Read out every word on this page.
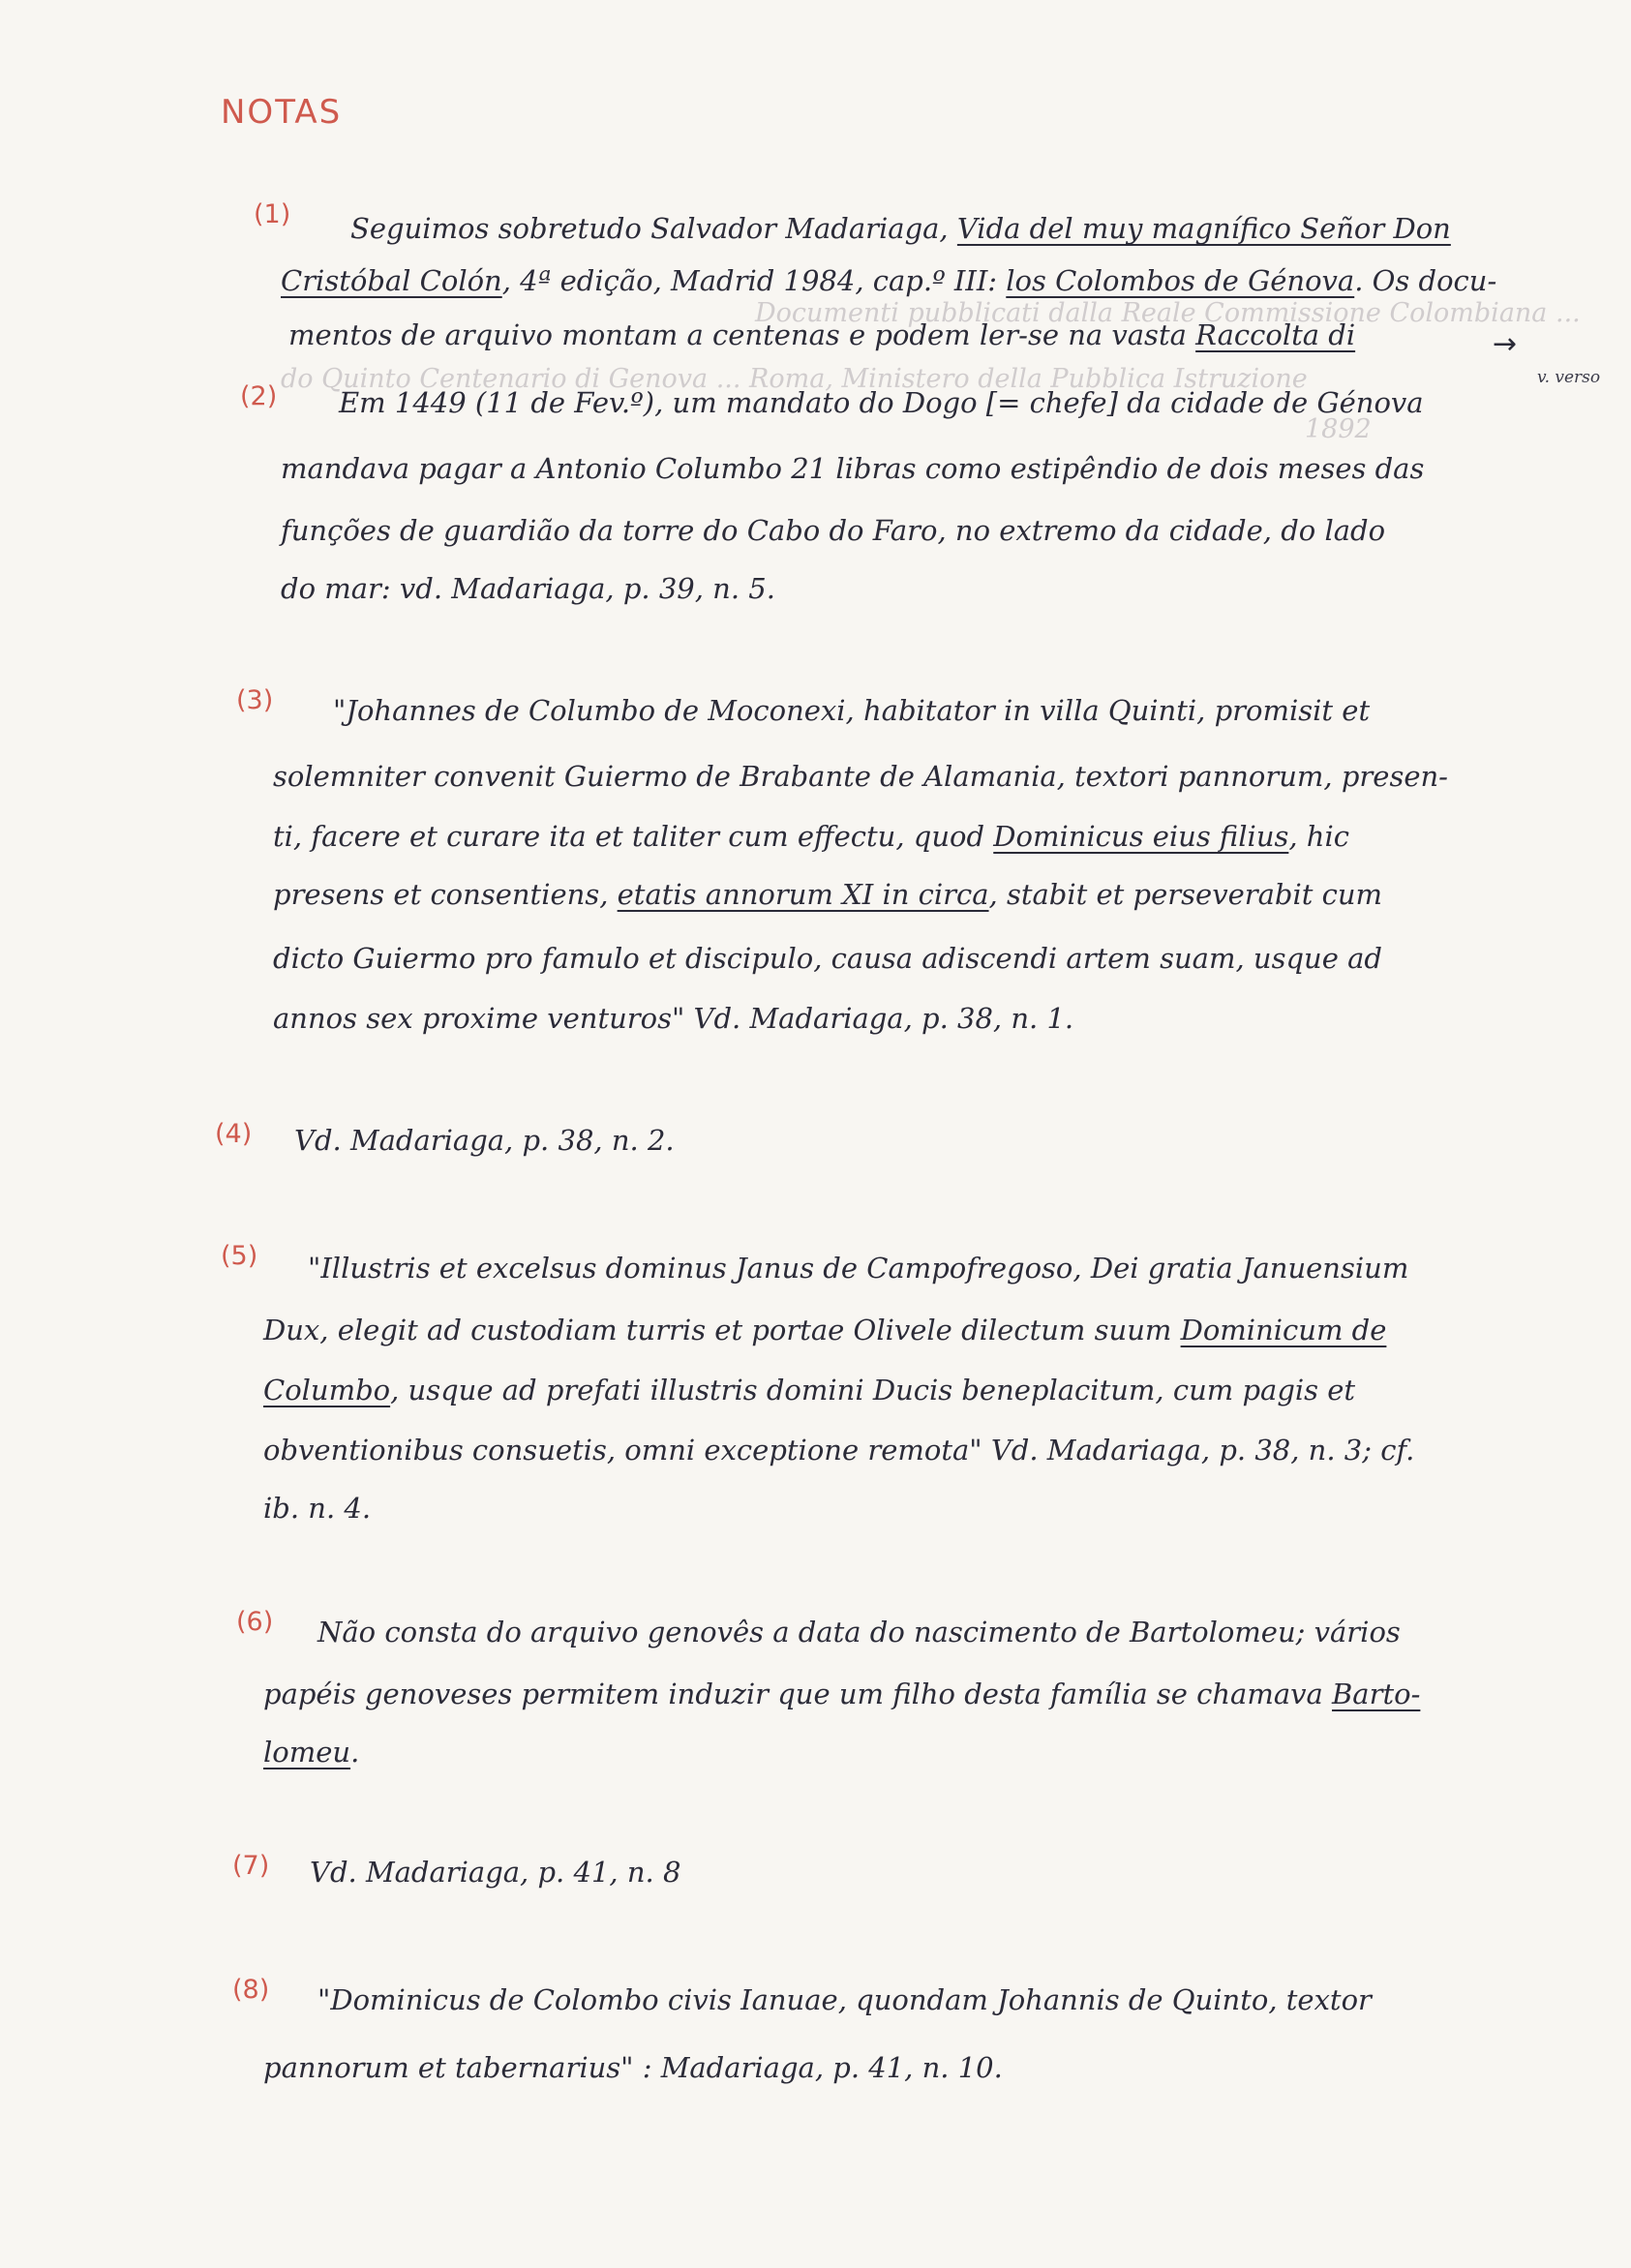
NOTAS
Documenti pubblicati dalla Reale Commissione Colombiana ...
do Quinto Centenario di Genova ... Roma, Ministero della Pubblica Istruzione
1892
(1) Seguimos sobretudo Salvador Madariaga, Vida del muy magnífico Señor Don
Cristóbal Colón, 4ª edição, Madrid 1984, cap.º III: los Colombos de Génova. Os docu-
mentos de arquivo montam a centenas e podem ler-se na vasta Raccolta di	→
v. verso
(2) Em 1449 (11 de Fev.º), um mandato do Dogo [= chefe] da cidade de Génova
mandava pagar a Antonio Columbo 21 libras como estipêndio de dois meses das
funções de guardião da torre do Cabo do Faro, no extremo da cidade, do lado
do mar: vd. Madariaga, p. 39, n. 5.
(3) "Johannes de Columbo de Moconexi, habitator in villa Quinti, promisit et
solemniter convenit Guiermo de Brabante de Alamania, textori pannorum, presen-
ti, facere et curare ita et taliter cum effectu, quod Dominicus eius filius, hic
presens et consentiens, etatis annorum XI in circa, stabit et perseverabit cum
dicto Guiermo pro famulo et discipulo, causa adiscendi artem suam, usque ad
annos sex proxime venturos" Vd. Madariaga, p. 38, n. 1.
(4) Vd. Madariaga, p. 38, n. 2.
(5) "Illustris et excelsus dominus Janus de Campofregoso, Dei gratia Januensium
Dux, elegit ad custodiam turris et portae Olivele dilectum suum Dominicum de
Columbo, usque ad prefati illustris domini Ducis beneplacitum, cum pagis et
obventionibus consuetis, omni exceptione remota" Vd. Madariaga, p. 38, n. 3; cf.
ib. n. 4.
(6) Não consta do arquivo genovês a data do nascimento de Bartolomeu; vários
papéis genoveses permitem induzir que um filho desta família se chamava Barto-
lomeu.
(7) Vd. Madariaga, p. 41, n. 8
(8) "Dominicus de Colombo civis Ianuae, quondam Johannis de Quinto, textor
pannorum et tabernarius" : Madariaga, p. 41, n. 10.
